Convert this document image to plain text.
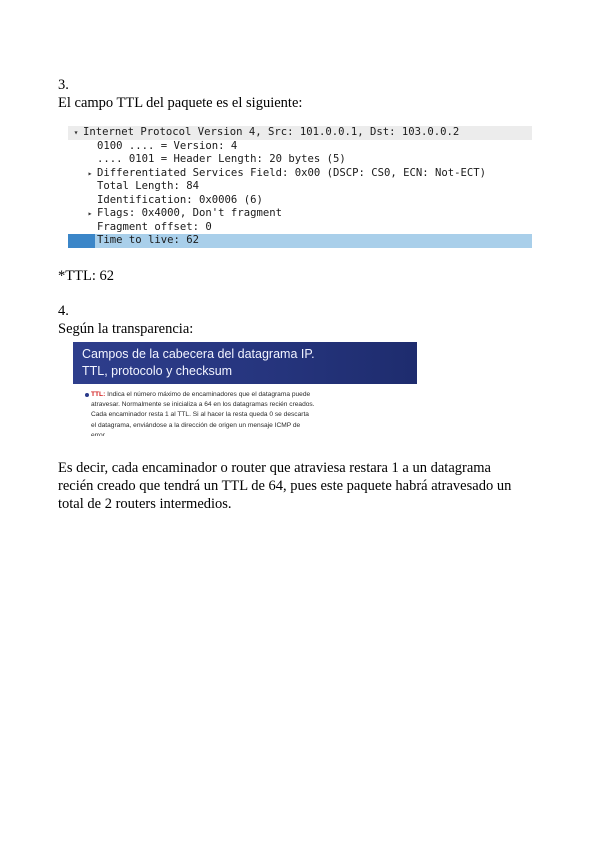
3.
El campo TTL del paquete es el siguiente:
▾ Internet Protocol Version 4, Src: 101.0.0.1, Dst: 103.0.0.2
0100 .... = Version: 4
.... 0101 = Header Length: 20 bytes (5)
▸ Differentiated Services Field: 0x00 (DSCP: CS0, ECN: Not-ECT)
Total Length: 84
Identification: 0x0006 (6)
▸ Flags: 0x4000, Don't fragment
Fragment offset: 0
Time to live: 62
*TTL: 62
4.
Según la transparencia:
Campos de la cabecera del datagrama IP.
TTL, protocolo y checksum
TTL: Indica el número máximo de encaminadores que el datagrama puede
atravesar. Normalmente se inicializa a 64 en los datagramas recién creados.
Cada encaminador resta 1 al TTL. Si al hacer la resta queda 0 se descarta
el datagrama, enviándose a la dirección de origen un mensaje ICMP de
error.
Es decir, cada encaminador o router que atraviesa restara 1 a un datagrama
recién creado que tendrá un TTL de 64, pues este paquete habrá atravesado un
total de 2 routers intermedios.
